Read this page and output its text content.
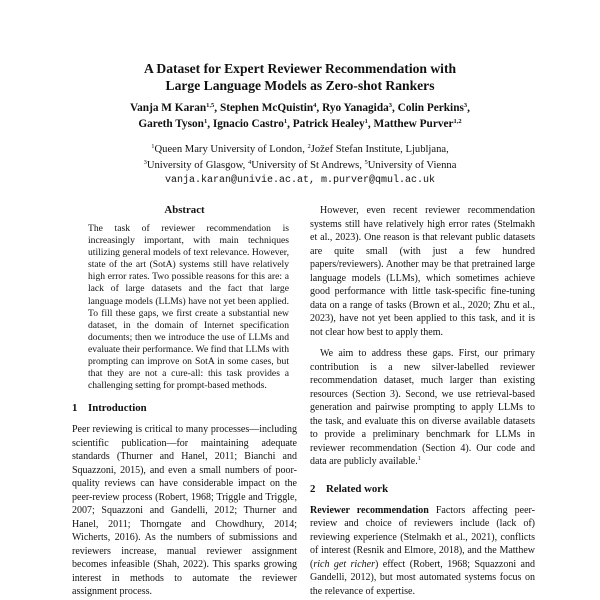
A Dataset for Expert Reviewer Recommendation with
Large Language Models as Zero-shot Rankers
Vanja M Karan$^{1,5}$, Stephen McQuistin$^4$, Ryo Yanagida$^3$, Colin Perkins$^3$,
Gareth Tyson$^1$, Ignacio Castro$^1$, Patrick Healey$^1$, Matthew Purver$^{1,2}$
$^1$Queen Mary University of London, $^2$Jožef Stefan Institute, Ljubljana,
$^3$University of Glasgow, $^4$University of St Andrews, $^5$University of Vienna
vanja.karan@univie.ac.at, m.purver@qmul.ac.uk
Abstract

The task of reviewer recommendation is increasingly important, with main techniques utilizing general models of text relevance. However, state of the art (SotA) systems still have relatively high error rates. Two possible reasons for this are: a lack of large datasets and the fact that large language models (LLMs) have not yet been applied. To fill these gaps, we first create a substantial new dataset, in the domain of Internet specification documents; then we introduce the use of LLMs and evaluate their performance. We find that LLMs with prompting can improve on SotA in some cases, but that they are not a cure-all: this task provides a challenging setting for prompt-based methods.

1 Introduction

Peer reviewing is critical to many processes—including scientific publication—for maintaining adequate standards (Thurner and Hanel, 2011; Bianchi and Squazzoni, 2015), and even a small numbers of poor-quality reviews can have considerable impact on the peer-review process (Robert, 1968; Triggle and Triggle, 2007; Squazzoni and Gandelli, 2012; Thurner and Hanel, 2011; Thorngate and Chowdhury, 2014; Wicherts, 2016). As the numbers of submissions and reviewers increase, manual reviewer assignment becomes infeasible (Shah, 2022). This sparks growing interest in methods to automate the reviewer assignment process.

However, even recent reviewer recommendation systems still have relatively high error rates (Stelmakh et al., 2023). One reason is that relevant public datasets are quite small (with just a few hundred papers/reviewers). Another may be that pretrained large language models (LLMs), which sometimes achieve good performance with little task-specific fine-tuning data on a range of tasks (Brown et al., 2020; Zhu et al., 2023), have not yet been applied to this task, and it is not clear how best to apply them.

We aim to address these gaps. First, our primary contribution is a new silver-labelled reviewer recommendation dataset, much larger than existing resources (Section 3). Second, we use retrieval-based generation and pairwise prompting to apply LLMs to the task, and evaluate this on diverse available datasets to provide a preliminary benchmark for LLMs in reviewer recommendation (Section 4). Our code and data are publicly available.$^1$

2 Related work

Reviewer recommendation Factors affecting peer-review and choice of reviewers include (lack of) reviewing experience (Stelmakh et al., 2021), conflicts of interest (Resnik and Elmore, 2018), and the Matthew (rich get richer) effect (Robert, 1968; Squazzoni and Gandelli, 2012), but most automated systems focus on the relevance of expertise.
